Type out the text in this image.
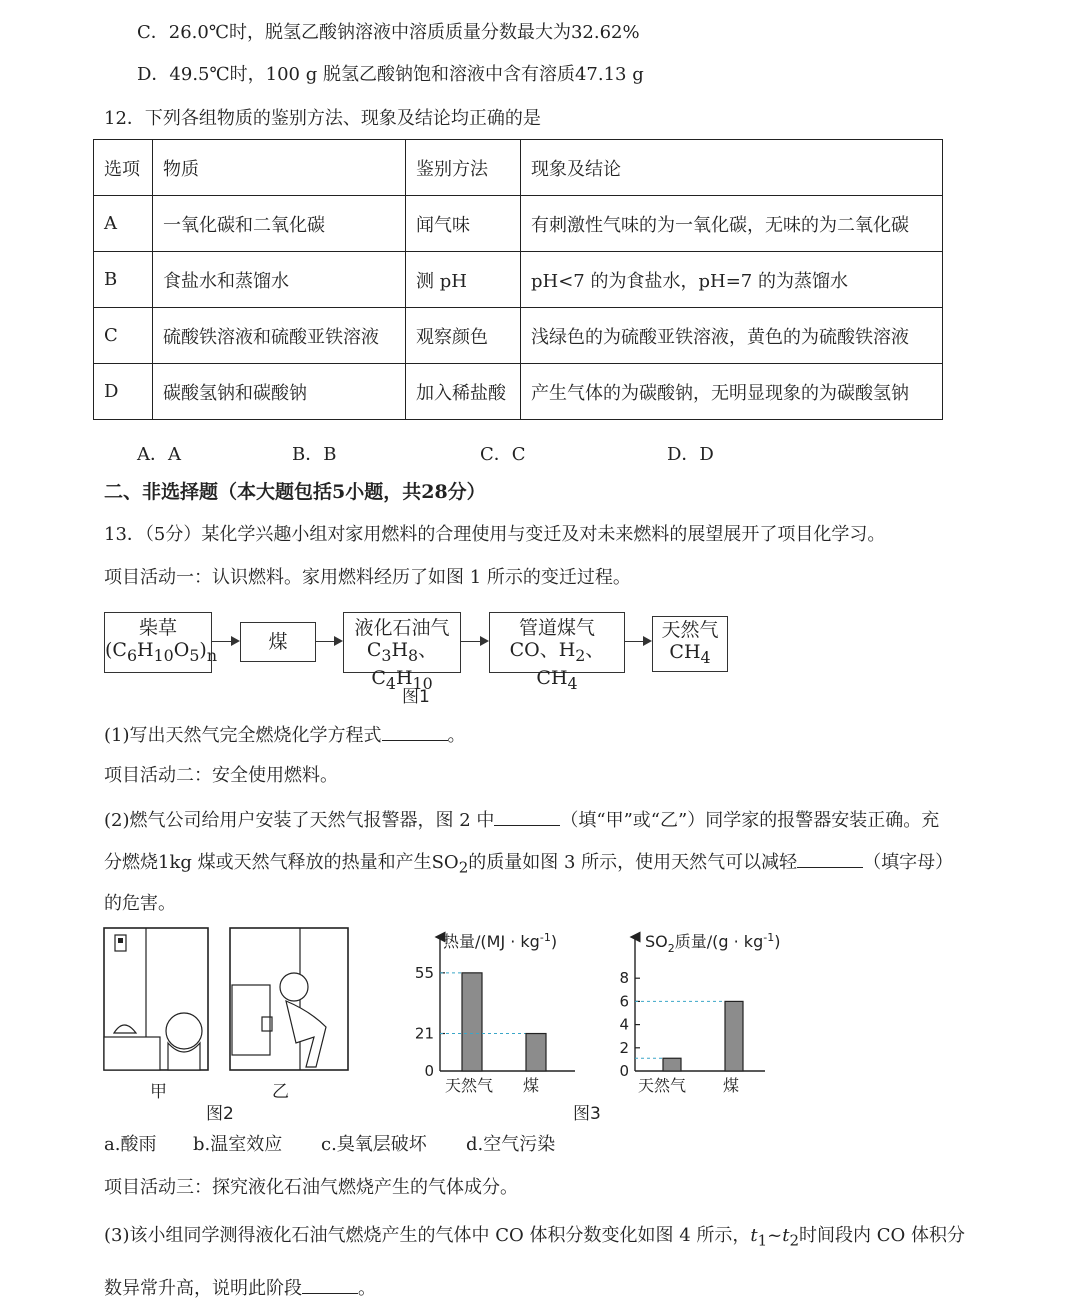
C．26.0℃时，脱氢乙酸钠溶液中溶质质量分数最大为32.62%
D．49.5℃时，100 g 脱氢乙酸钠饱和溶液中含有溶质47.13 g
12．下列各组物质的鉴别方法、现象及结论均正确的是
选项	物质	鉴别方法	现象及结论
A	一氧化碳和二氧化碳	闻气味	有刺激性气味的为一氧化碳，无味的为二氧化碳
B	食盐水和蒸馏水	测 pH	pH<7 的为食盐水，pH=7 的为蒸馏水
C	硫酸铁溶液和硫酸亚铁溶液	观察颜色	浅绿色的为硫酸亚铁溶液，黄色的为硫酸铁溶液
D	碳酸氢钠和碳酸钠	加入稀盐酸	产生气体的为碳酸钠，无明显现象的为碳酸氢钠
A．A	B．B	C．C	D．D
二、非选择题（本大题包括5小题，共28分）
13．（5分）某化学兴趣小组对家用燃料的合理使用与变迁及对未来燃料的展望展开了项目化学习。
项目活动一：认识燃料。家用燃料经历了如图 1 所示的变迁过程。
柴草
$(C_6H_{10}O_5)_n$
煤
液化石油气
$C_3H_8$、$C_4H_{10}$
管道煤气
CO、$H_2$、$CH_4$
天然气
$CH_4$
图1
(1)写出天然气完全燃烧化学方程式	。
项目活动二：安全使用燃料。
(2)燃气公司给用户安装了天然气报警器，图 2 中	（填“甲”或“乙”）同学家的报警器安装正确。充
分燃烧1kg 煤或天然气释放的热量和产生$SO_2$的质量如图 3 所示，使用天然气可以减轻	（填字母）
的危害。
甲	乙
图2
热量$/(MJ \cdot kg^{-1})$
0
21
55
天然气 煤
$SO_2$质量$/(g \cdot kg^{-1})$
0
2
4
6
8
天然气 煤
图3
a.酸雨 b.温室效应 c.臭氧层破坏 d.空气污染
项目活动三：探究液化石油气燃烧产生的气体成分。
(3)该小组同学测得液化石油气燃烧产生的气体中 CO 体积分数变化如图 4 所示，$t_1\sim t_2$时间段内 CO 体积分
数异常升高，说明此阶段	。
